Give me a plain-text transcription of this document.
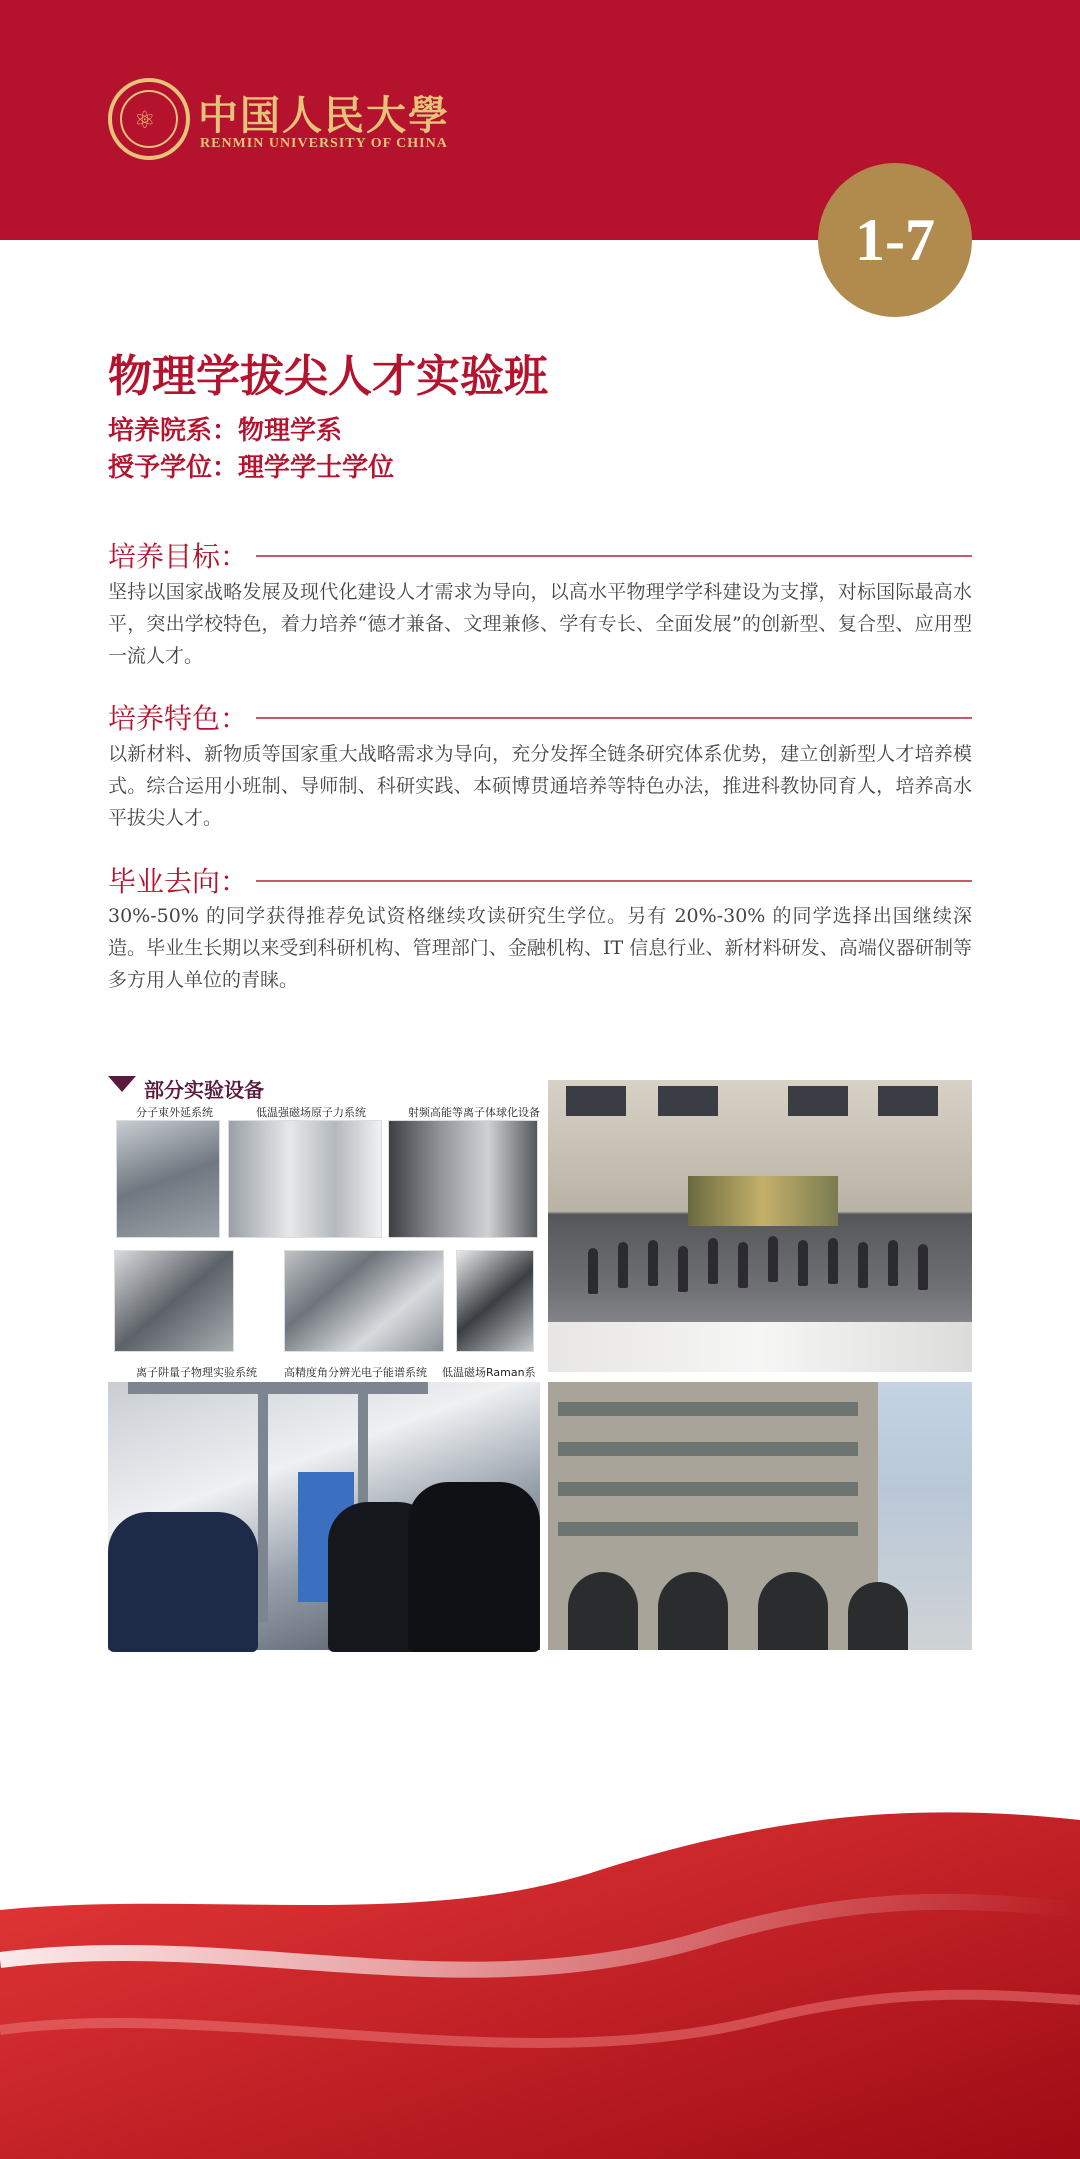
⚛ 中国人民大學
RENMIN UNIVERSITY OF CHINA
1-7
物理学拔尖人才实验班
培养院系：物理学系
授予学位：理学学士学位
培养目标：
坚持以国家战略发展及现代化建设人才需求为导向，以高水平物理学学科建设为支撑，对标国际最高水平，突出学校特色，着力培养“德才兼备、文理兼修、学有专长、全面发展”的创新型、复合型、应用型一流人才。
培养特色：
以新材料、新物质等国家重大战略需求为导向，充分发挥全链条研究体系优势，建立创新型人才培养模式。综合运用小班制、导师制、科研实践、本硕博贯通培养等特色办法，推进科教协同育人，培养高水平拔尖人才。
毕业去向：
30%-50% 的同学获得推荐免试资格继续攻读研究生学位。另有 20%-30% 的同学选择出国继续深造。毕业生长期以来受到科研机构、管理部门、金融机构、IT 信息行业、新材料研发、高端仪器研制等多方用人单位的青睐。
部分实验设备
分子束外延系统	低温强磁场原子力系统	射频高能等离子体球化设备
离子阱量子物理实验系统 高精度角分辨光电子能谱系统 低温磁场Raman系
